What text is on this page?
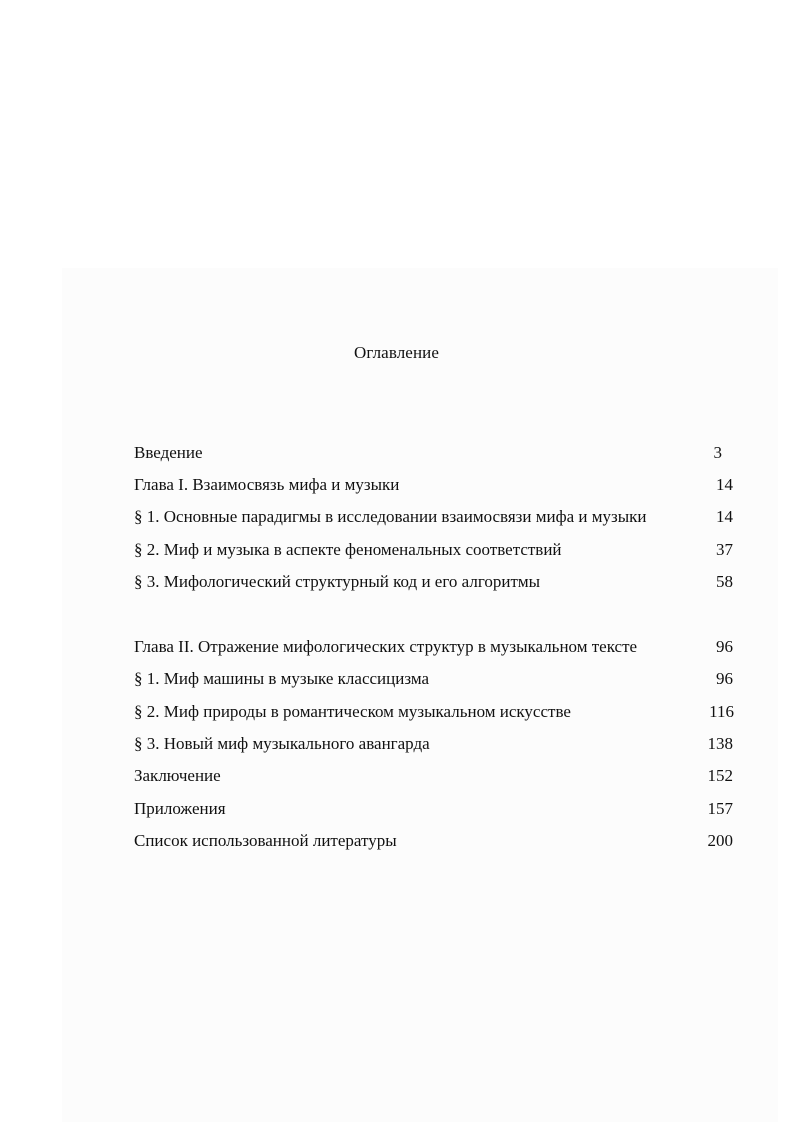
Оглавление
Введение	3
Глава I. Взаимосвязь мифа и музыки	14
§ 1. Основные парадигмы в исследовании взаимосвязи мифа и музыки	14
§ 2. Миф и музыка в аспекте феноменальных соответствий	37
§ 3. Мифологический структурный код и его алгоритмы	58
Глава II. Отражение мифологических структур в музыкальном тексте	96
§ 1. Миф машины в музыке классицизма	96
§ 2. Миф природы в романтическом музыкальном искусстве	116
§ 3. Новый миф музыкального авангарда	138
Заключение	152
Приложения	157
Список использованной литературы	200
